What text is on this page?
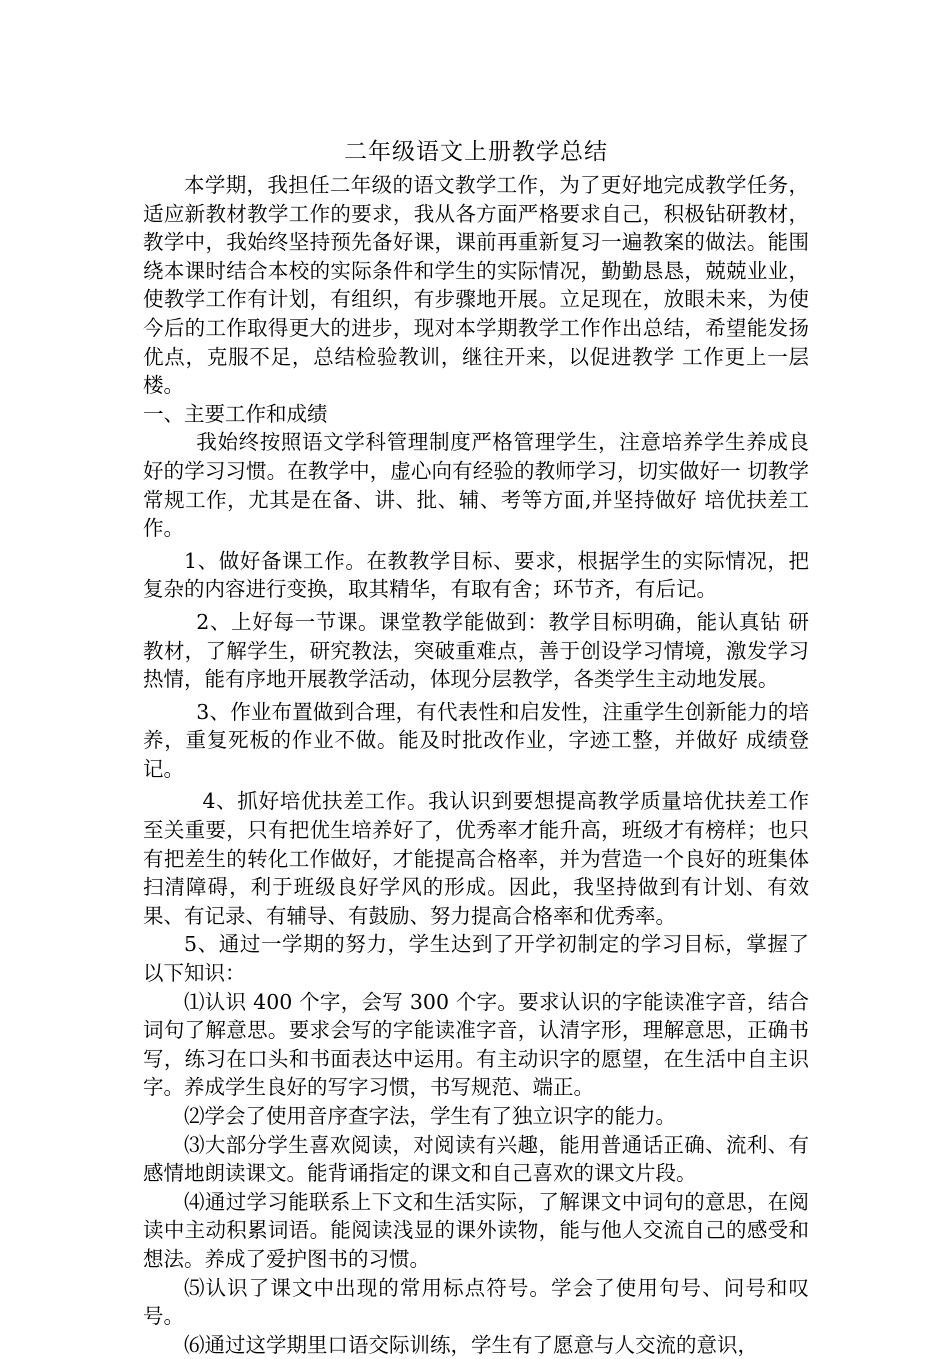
二年级语文上册教学总结

本学期，我担任二年级的语文教学工作，为了更好地完成教学任务，适应新教材教学工作的要求，我从各方面严格要求自己，积极钻研教材，教学中，我始终坚持预先备好课，课前再重新复习一遍教案的做法。能围绕本课时结合本校的实际条件和学生的实际情况，勤勤恳恳，兢兢业业，使教学工作有计划，有组织，有步骤地开展。立足现在，放眼未来，为使今后的工作取得更大的进步，现对本学期教学工作作出总结，希望能发扬优点，克服不足，总结检验教训，继往开来，以促进教学 工作更上一层楼。

一、主要工作和成绩

我始终按照语文学科管理制度严格管理学生，注意培养学生养成良好的学习习惯。在教学中，虚心向有经验的教师学习，切实做好一 切教学常规工作，尤其是在备、讲、批、辅、考等方面,并坚持做好 培优扶差工作。

1、做好备课工作。在教教学目标、要求，根据学生的实际情况，把复杂的内容进行变换，取其精华，有取有舍；环节齐，有后记。

2、上好每一节课。课堂教学能做到：教学目标明确，能认真钻 研教材，了解学生，研究教法，突破重难点，善于创设学习情境，激发学习热情，能有序地开展教学活动，体现分层教学，各类学生主动地发展。

3、作业布置做到合理，有代表性和启发性，注重学生创新能力的培养，重复死板的作业不做。能及时批改作业，字迹工整，并做好 成绩登记。

4、抓好培优扶差工作。我认识到要想提高教学质量培优扶差工作至关重要，只有把优生培养好了，优秀率才能升高，班级才有榜样；也只有把差生的转化工作做好，才能提高合格率，并为营造一个良好的班集体扫清障碍，利于班级良好学风的形成。因此，我坚持做到有计划、有效果、有记录、有辅导、有鼓励、努力提高合格率和优秀率。

5、通过一学期的努力，学生达到了开学初制定的学习目标，掌握了以下知识：

⑴认识 400 个字，会写 300 个字。要求认识的字能读准字音，结合词句了解意思。要求会写的字能读准字音，认清字形，理解意思，正确书写，练习在口头和书面表达中运用。有主动识字的愿望，在生活中自主识字。养成学生良好的写字习惯，书写规范、端正。

⑵学会了使用音序查字法，学生有了独立识字的能力。

⑶大部分学生喜欢阅读，对阅读有兴趣，能用普通话正确、流利、有感情地朗读课文。能背诵指定的课文和自己喜欢的课文片段。

⑷通过学习能联系上下文和生活实际，了解课文中词句的意思，在阅读中主动积累词语。能阅读浅显的课外读物，能与他人交流自己的感受和想法。养成了爱护图书的习惯。

⑸认识了课文中出现的常用标点符号。学会了使用句号、问号和叹号。

⑹通过这学期里口语交际训练，学生有了愿意与人交流的意识，
